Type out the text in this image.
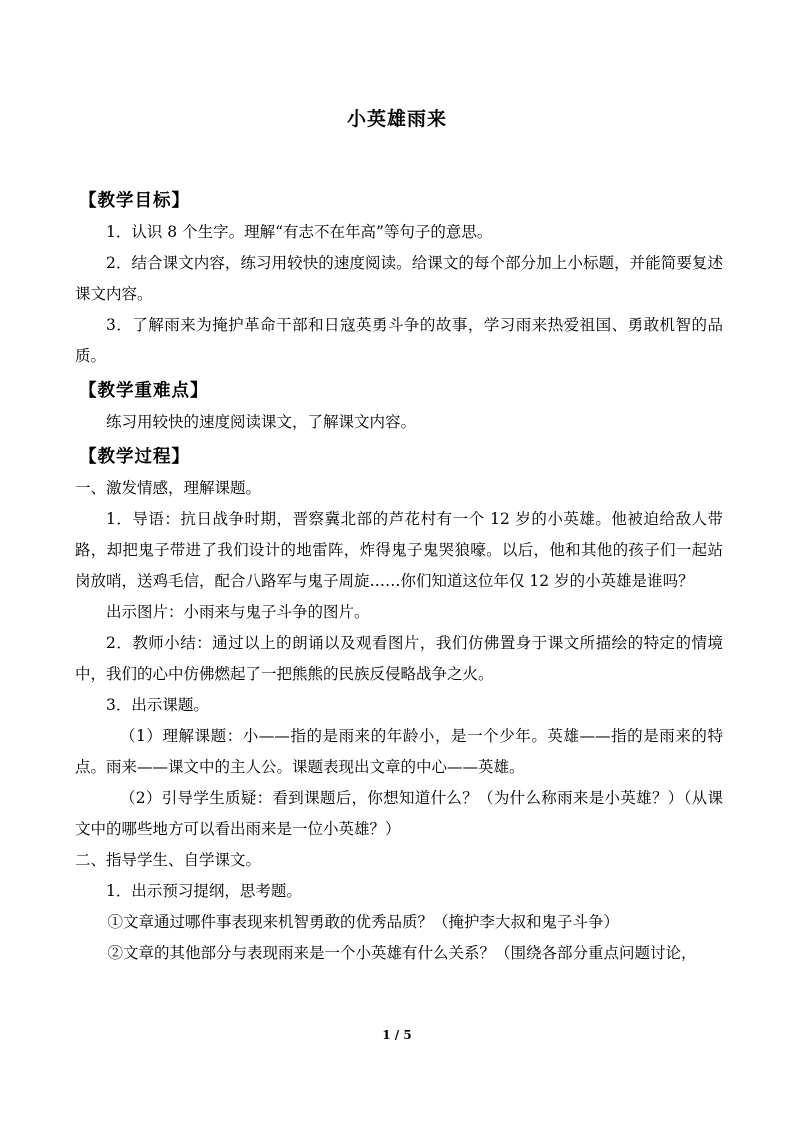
小英雄雨来
【教学目标】

1．认识 8 个生字。理解“有志不在年高”等句子的意思。

2．结合课文内容，练习用较快的速度阅读。给课文的每个部分加上小标题，并能简要复述课文内容。

3．了解雨来为掩护革命干部和日寇英勇斗争的故事，学习雨来热爱祖国、勇敢机智的品质。

【教学重难点】

练习用较快的速度阅读课文，了解课文内容。

【教学过程】

一、激发情感，理解课题。

1．导语：抗日战争时期，晋察冀北部的芦花村有一个 12 岁的小英雄。他被迫给敌人带路，却把鬼子带进了我们设计的地雷阵，炸得鬼子鬼哭狼嚎。以后，他和其他的孩子们一起站岗放哨，送鸡毛信，配合八路军与鬼子周旋……你们知道这位年仅 12 岁的小英雄是谁吗？

出示图片：小雨来与鬼子斗争的图片。

2．教师小结：通过以上的朗诵以及观看图片，我们仿佛置身于课文所描绘的特定的情境中，我们的心中仿佛燃起了一把熊熊的民族反侵略战争之火。

3．出示课题。

（1）理解课题：小——指的是雨来的年龄小，是一个少年。英雄——指的是雨来的特点。雨来——课文中的主人公。课题表现出文章的中心——英雄。

（2）引导学生质疑：看到课题后，你想知道什么？（为什么称雨来是小英雄？）（从课文中的哪些地方可以看出雨来是一位小英雄？）

二、指导学生、自学课文。

1．出示预习提纲，思考题。

①文章通过哪件事表现来机智勇敢的优秀品质？（掩护李大叔和鬼子斗争）

②文章的其他部分与表现雨来是一个小英雄有什么关系？（围绕各部分重点问题讨论，

1 / 5
